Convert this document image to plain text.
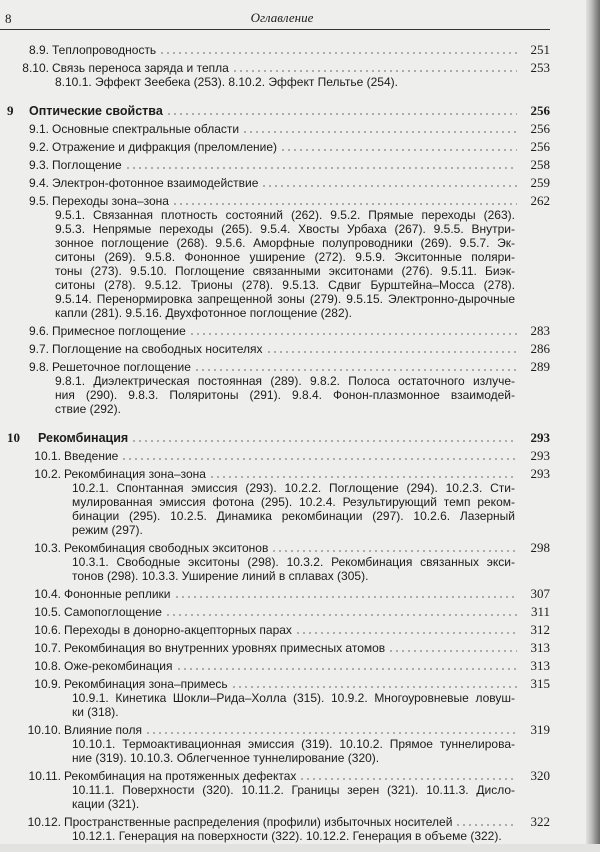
8	Оглавление
8.9. Теплопроводность	251
8.10. Связь переноса заряда и тепла	253
8.10.1. Эффект Зеебека (253). 8.10.2. Эффект Пельтье (254).
9 Оптические свойства	256
9.1. Основные спектральные области	256
9.2. Отражение и дифракция (преломление)	256
9.3. Поглощение	258
9.4. Электрон-фотонное взаимодействие	259
9.5. Переходы зона–зона	262
9.5.1. Связанная плотность состояний (262). 9.5.2. Прямые переходы (263).
9.5.3. Непрямые переходы (265). 9.5.4. Хвосты Урбаха (267). 9.5.5. Внутри-
зонное поглощение (268). 9.5.6. Аморфные полупроводники (269). 9.5.7. Эк-
ситоны (269). 9.5.8. Фононное уширение (272). 9.5.9. Экситонные поляри-
тоны (273). 9.5.10. Поглощение связанными экситонами (276). 9.5.11. Биэк-
ситоны (278). 9.5.12. Трионы (278). 9.5.13. Сдвиг Бурштейна–Мосса (278).
9.5.14. Перенормировка запрещенной зоны (279). 9.5.15. Электронно-дырочные
капли (281). 9.5.16. Двухфотонное поглощение (282).
9.6. Примесное поглощение	283
9.7. Поглощение на свободных носителях	286
9.8. Решеточное поглощение	289
9.8.1. Диэлектрическая постоянная (289). 9.8.2. Полоса остаточного излуче-
ния (290). 9.8.3. Поляритоны (291). 9.8.4. Фонон-плазмонное взаимодей-
ствие (292).
10 Рекомбинация	293
10.1. Введение	293
10.2. Рекомбинация зона–зона	293
10.2.1. Спонтанная эмиссия (293). 10.2.2. Поглощение (294). 10.2.3. Сти-
мулированная эмиссия фотона (295). 10.2.4. Результирующий темп реком-
бинации (295). 10.2.5. Динамика рекомбинации (297). 10.2.6. Лазерный
режим (297).
10.3. Рекомбинация свободных экситонов	298
10.3.1. Свободные экситоны (298). 10.3.2. Рекомбинация связанных экси-
тонов (298). 10.3.3. Уширение линий в сплавах (305).
10.4. Фононные реплики	307
10.5. Самопоглощение	311
10.6. Переходы в донорно-акцепторных парах	312
10.7. Рекомбинация во внутренних уровнях примесных атомов	313
10.8. Оже-рекомбинация	313
10.9. Рекомбинация зона–примесь	315
10.9.1. Кинетика Шокли–Рида–Холла (315). 10.9.2. Многоуровневые ловуш-
ки (318).
10.10. Влияние поля	319
10.10.1. Термоактивационная эмиссия (319). 10.10.2. Прямое туннелирова-
ние (319). 10.10.3. Облегченное туннелирование (320).
10.11. Рекомбинация на протяженных дефектах	320
10.11.1. Поверхности (320). 10.11.2. Границы зерен (321). 10.11.3. Дисло-
кации (321).
10.12. Пространственные распределения (профили) избыточных носителей	322
10.12.1. Генерация на поверхности (322). 10.12.2. Генерация в объеме (322).
